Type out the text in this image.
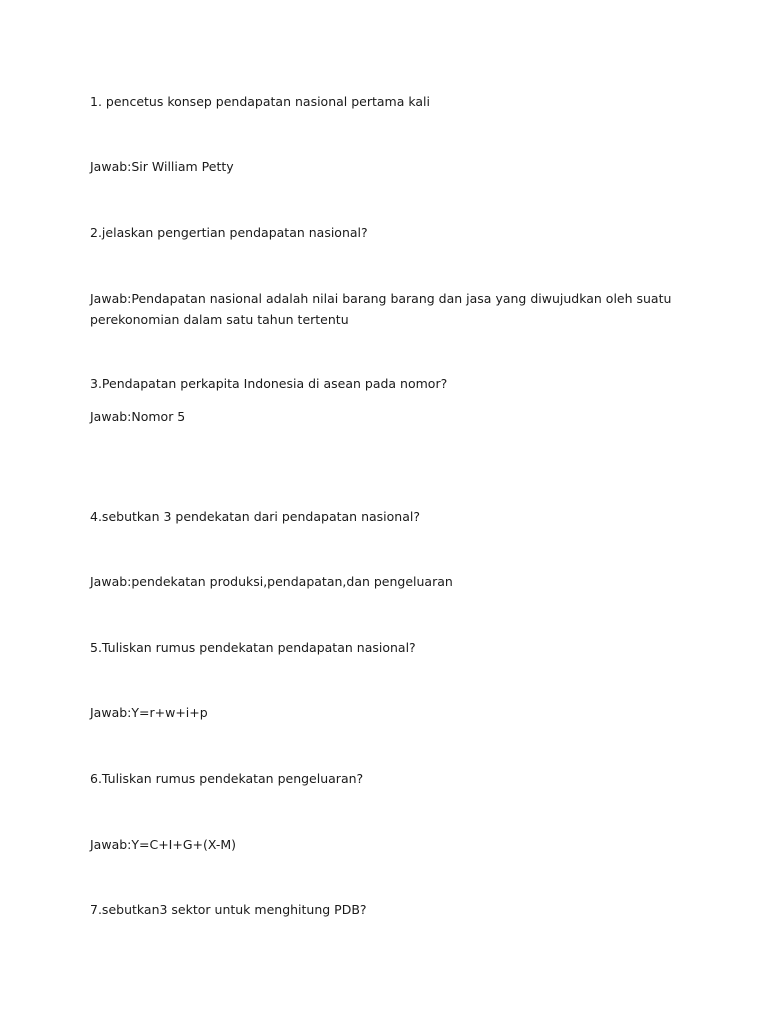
1. pencetus konsep pendapatan nasional pertama kali

Jawab:Sir William Petty

2.jelaskan pengertian pendapatan nasional?

Jawab:Pendapatan nasional adalah nilai barang barang dan jasa yang diwujudkan oleh suatu

perekonomian dalam satu tahun tertentu

3.Pendapatan perkapita Indonesia di asean pada nomor?

Jawab:Nomor 5

4.sebutkan 3 pendekatan dari pendapatan nasional?

Jawab:pendekatan produksi,pendapatan,dan pengeluaran

5.Tuliskan rumus pendekatan pendapatan nasional?

Jawab:Y=r+w+i+p

6.Tuliskan rumus pendekatan pengeluaran?

Jawab:Y=C+I+G+(X-M)

7.sebutkan3 sektor untuk menghitung PDB?
